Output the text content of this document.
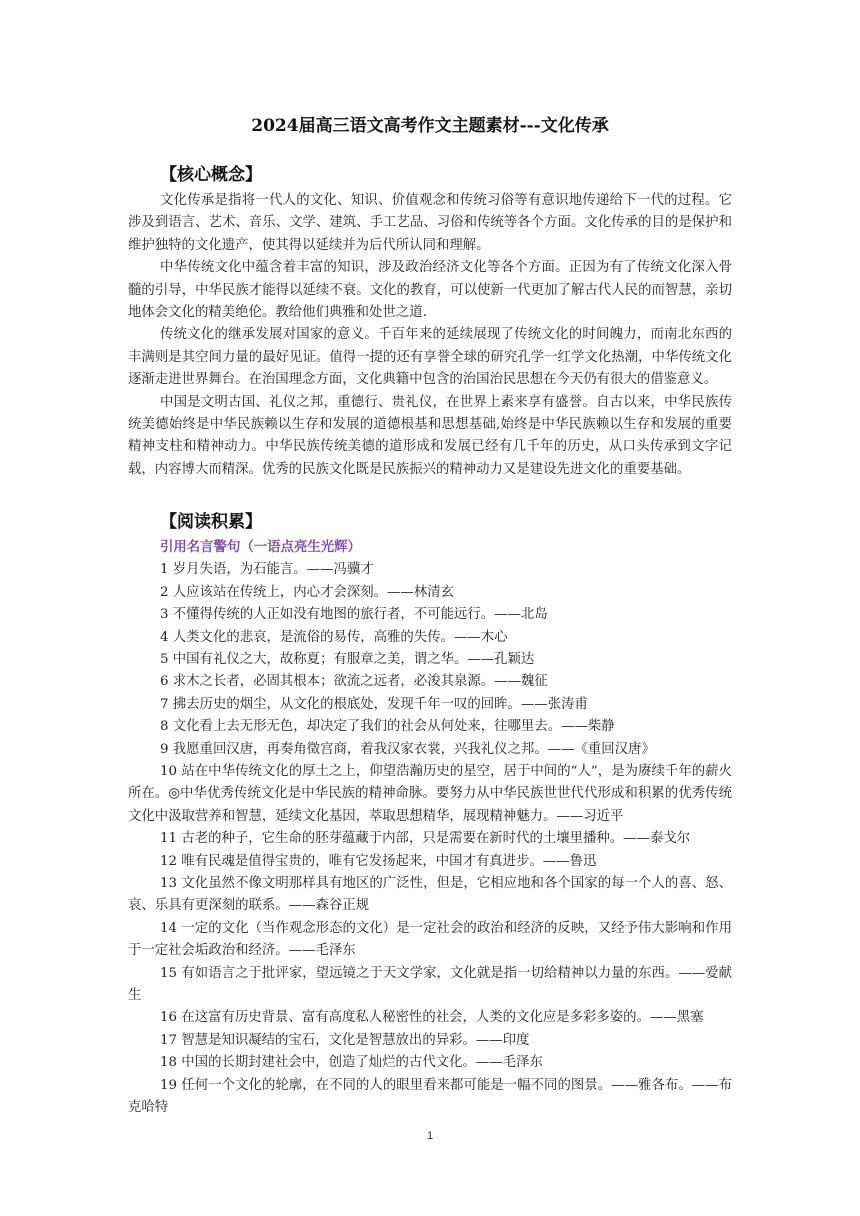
2024届高三语文高考作文主题素材---文化传承
【核心概念】

文化传承是指将一代人的文化、知识、价值观念和传统习俗等有意识地传递给下一代的过程。它涉及到语言、艺术、音乐、文学、建筑、手工艺品、习俗和传统等各个方面。文化传承的目的是保护和维护独特的文化遗产，使其得以延续并为后代所认同和理解。

中华传统文化中蕴含着丰富的知识，涉及政治经济文化等各个方面。正因为有了传统文化深入骨髓的引导，中华民族才能得以延续不衰。文化的教育，可以使新一代更加了解古代人民的而智慧，亲切地体会文化的精美绝伦。教给他们典雅和处世之道.

传统文化的继承发展对国家的意义。千百年来的延续展现了传统文化的时间魄力，而南北东西的丰满则是其空间力量的最好见证。值得一提的还有享誉全球的研究孔学一红学文化热潮，中华传统文化逐渐走进世界舞台。在治国理念方面，文化典籍中包含的治国治民思想在今天仍有很大的借鉴意义。

中国是文明古国、礼仪之邦，重德行、贵礼仪，在世界上素来享有盛誉。自古以来，中华民族传统美德始终是中华民族赖以生存和发展的道德根基和思想基础,始终是中华民族赖以生存和发展的重要精神支柱和精神动力。中华民族传统美德的道形成和发展已经有几千年的历史，从口头传承到文字记载，内容博大而精深。优秀的民族文化既是民族振兴的精神动力又是建设先进文化的重要基础。

【阅读积累】

引用名言警句（一语点亮生光辉）

1 岁月失语，为石能言。——冯骥才

2 人应该站在传统上，内心才会深刻。——林清玄

3 不懂得传统的人正如没有地图的旅行者，不可能远行。——北岛

4 人类文化的悲哀，是流俗的易传，高雅的失传。——木心

5 中国有礼仪之大，故称夏；有服章之美，谓之华。——孔颖达

6 求木之长者，必固其根本；欲流之远者，必浚其泉源。——魏征

7 拂去历史的烟尘，从文化的根底处，发现千年一叹的回眸。——张涛甫

8 文化看上去无形无色，却决定了我们的社会从何处来，往哪里去。——柴静

9 我愿重回汉唐，再奏角徵宫商，着我汉家衣裳，兴我礼仪之邦。——《重回汉唐》

10 站在中华传统文化的厚土之上，仰望浩瀚历史的星空，居于中间的“人”，是为赓续千年的薪火所在。◎中华优秀传统文化是中华民族的精神命脉。要努力从中华民族世世代代形成和积累的优秀传统文化中汲取营养和智慧，延续文化基因，萃取思想精华，展现精神魅力。——习近平

11 古老的种子，它生命的胚芽蕴藏于内部，只是需要在新时代的土壤里播种。——泰戈尔

12 唯有民魂是值得宝贵的，唯有它发扬起来，中国才有真进步。——鲁迅

13 文化虽然不像文明那样具有地区的广泛性，但是，它相应地和各个国家的每一个人的喜、怒、哀、乐具有更深刻的联系。——森谷正规

14 一定的文化（当作观念形态的文化）是一定社会的政治和经济的反映，又经予伟大影响和作用于一定社会垢政治和经济。——毛泽东

15 有如语言之于批评家，望远镜之于天文学家，文化就是指一切给精神以力量的东西。——爱献生

16 在这富有历史背景、富有高度私人秘密性的社会，人类的文化应是多彩多姿的。——黑塞

17 智慧是知识凝结的宝石，文化是智慧放出的异彩。——印度

18 中国的长期封建社会中，创造了灿烂的古代文化。——毛泽东

19 任何一个文化的轮廓，在不同的人的眼里看来都可能是一幅不同的图景。——雅各布。——布克哈特

1
